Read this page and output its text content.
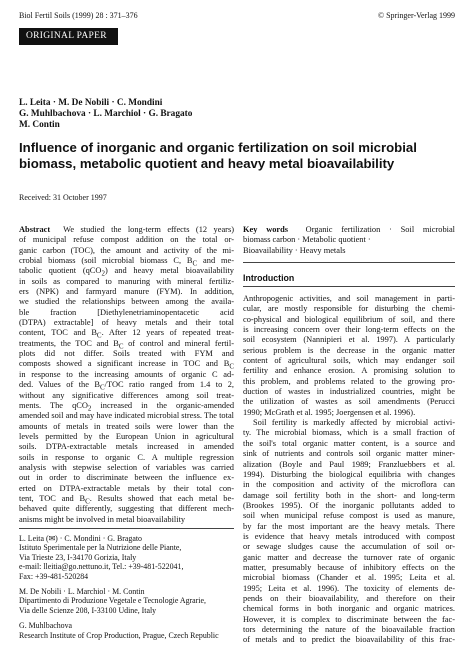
Biol Fertil Soils (1999) 28 : 371–376	© Springer-Verlag 1999
ORIGINAL PAPER
L. Leita · M. De Nobili · C. Mondini
G. Muhlbachova · L. Marchiol · G. Bragato
M. Contin
Influence of inorganic and organic fertilization on soil microbial
biomass, metabolic quotient and heavy metal bioavailability
Received: 31 October 1997
Abstract We studied the long-term effects (12 years)
of municipal refuse compost addition on the total or-
ganic carbon (TOC), the amount and activity of the mi-
crobial biomass (soil microbial biomass C, $B_C$ and me-
tabolic quotient (qCO$_2$) and heavy metal bioavailability
in soils as compared to manuring with mineral fertiliz-
ers (NPK) and farmyard manure (FYM). In addition,
we studied the relationships between among the availa-
ble fraction [Diethylenetriaminopentacetic acid
(DTPA) extractable] of heavy metals and their total
content, TOC and $B_C$. After 12 years of repeated treat-
treatments, the TOC and $B_C$ of control and mineral fertil-
plots did not differ. Soils treated with FYM and
composts showed a significant increase in TOC and $B_C$
in response to the increasing amounts of organic C ad-
ded. Values of the $B_C$/TOC ratio ranged from 1.4 to 2,
without any significative differences among soil treat-
ments. The qCO$_2$ increased in the organic-amended
amended soil and may have indicated microbial stress. The total
amounts of metals in treated soils were lower than the
levels permitted by the European Union in agricultural
soils. DTPA-extractable metals increased in amended
soils in response to organic C. A multiple regression
analysis with stepwise selection of variables was carried
out in order to discriminate between the influence ex-
erted on DTPA-extractable metals by their total con-
tent, TOC and $B_C$. Results showed that each metal be-
behaved quite differently, suggesting that different mech-
anisms might be involved in metal bioavailability
Key words Organic fertilization · Soil microbial
biomass carbon · Metabolic quotient ·
Bioavailability · Heavy metals
Introduction
Anthropogenic activities, and soil management in parti-
cular, are mostly responsible for disturbing the chemi-
co-physical and biological equilibrium of soil, and there
is increasing concern over their long-term effects on the
soil ecosystem (Nannipieri et al. 1997). A particularly
serious problem is the decrease in the organic matter
content of agricultural soils, which may endanger soil
fertility and enhance erosion. A promising solution to
this problem, and problems related to the growing pro-
duction of wastes in industrialized countries, might be
the utilization of wastes as soil amendments (Perucci
1990; McGrath et al. 1995; Joergensen et al. 1996).
Soil fertility is markedly affected by microbial activi-
ty. The microbial biomass, which is a small fraction of
the soil's total organic matter content, is a source and
sink of nutrients and controls soil organic matter miner-
alization (Boyle and Paul 1989; Franzluebbers et al.
1994). Disturbing the biological equilibria with changes
in the composition and activity of the microflora can
damage soil fertility both in the short- and long-term
(Brookes 1995). Of the inorganic pollutants added to
soil when municipal refuse compost is used as manure,
by far the most important are the heavy metals. There
is evidence that heavy metals introduced with compost
or sewage sludges cause the accumulation of soil or-
ganic matter and decrease the turnover rate of organic
matter, presumably because of inhibitory effects on the
microbial biomass (Chander et al. 1995; Leita et al.
1995; Leita et al. 1996). The toxicity of elements de-
pends on their bioavailability, and therefore on their
chemical forms in both inorganic and organic matrices.
However, it is complex to discriminate between the fac-
tors determining the nature of the bioavailable fraction
of metals and to predict the bioavailability of this frac-
L. Leita (✉) · C. Mondini · G. Bragato
Istituto Sperimentale per la Nutrizione delle Piante,
Via Trieste 23, I-34170 Gorizia, Italy
e-mail: lleitia@go.nettuno.it, Tel.: +39-481-522041,
Fax: +39-481-520284
M. De Nobili · L. Marchiol · M. Contin
Dipartimento di Produzione Vegetale e Tecnologie Agrarie,
Via delle Scienze 208, I-33100 Udine, Italy
G. Muhlbachova
Research Institute of Crop Production, Prague, Czech Republic
